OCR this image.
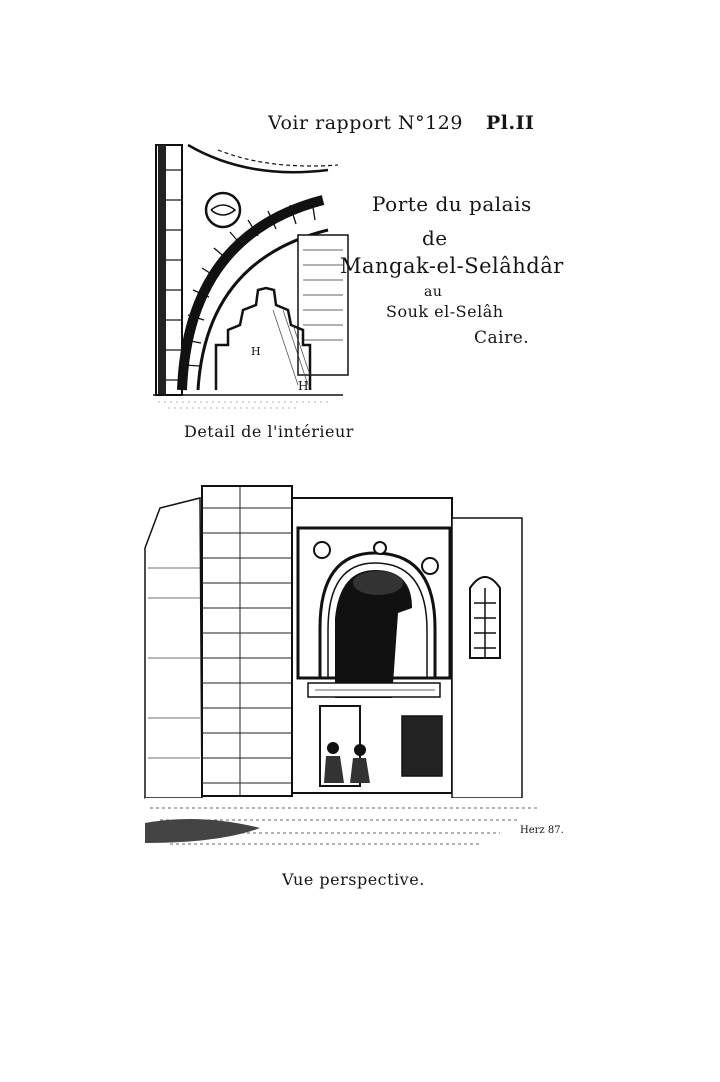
Voir rapport N°129 Pl.II
H
H.
Porte du palais
de
Mangak-el-Selâhdâr
au
Souk el-Selâh
Caire.
Detail de l'intérieur
Herz 87.
Vue perspective.
